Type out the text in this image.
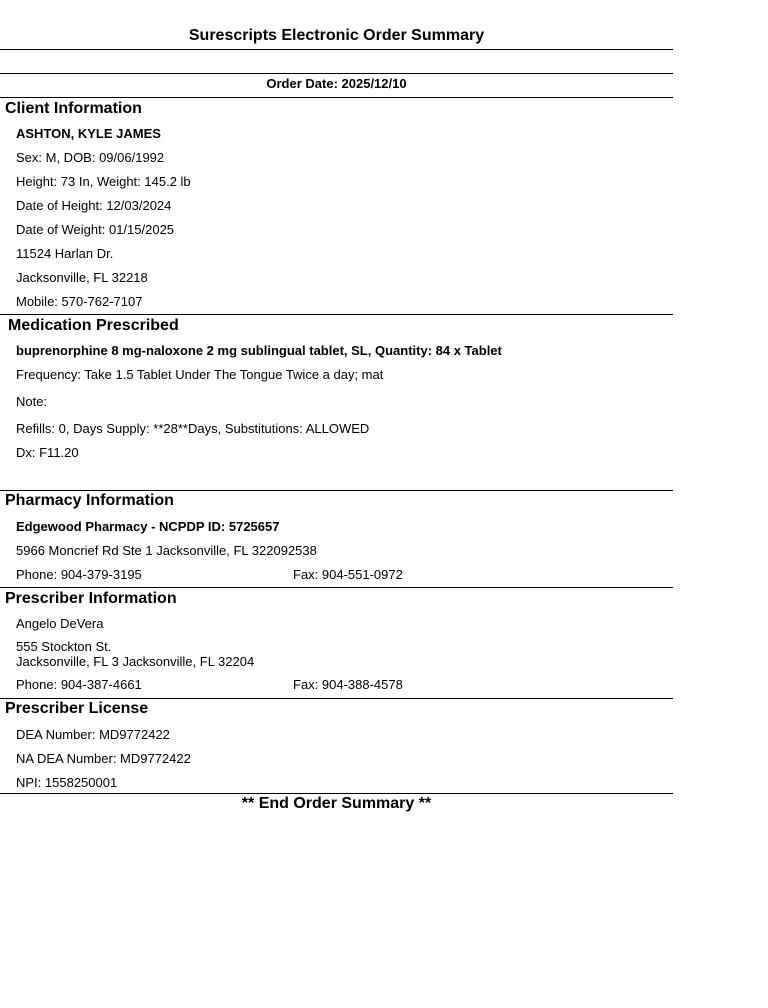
Surescripts Electronic Order Summary
Order Date: 2025/12/10
Client Information
ASHTON, KYLE JAMES
Sex: M, DOB: 09/06/1992
Height: 73 In, Weight: 145.2 lb
Date of Height: 12/03/2024
Date of Weight: 01/15/2025
11524 Harlan Dr.
Jacksonville, FL 32218
Mobile: 570-762-7107
Medication Prescribed
buprenorphine 8 mg-naloxone 2 mg sublingual tablet, SL, Quantity: 84 x Tablet
Frequency: Take 1.5 Tablet Under The Tongue Twice a day; mat
Note:
Refills: 0, Days Supply: **28**Days, Substitutions: ALLOWED
Dx: F11.20
Pharmacy Information
Edgewood Pharmacy - NCPDP ID: 5725657
5966 Moncrief Rd Ste 1 Jacksonville, FL 322092538
Phone: 904-379-3195	Fax: 904-551-0972
Prescriber Information
Angelo DeVera
555 Stockton St.
Jacksonville, FL 3 Jacksonville, FL 32204
Phone: 904-387-4661	Fax: 904-388-4578
Prescriber License
DEA Number: MD9772422
NA DEA Number: MD9772422
NPI: 1558250001
** End Order Summary **
